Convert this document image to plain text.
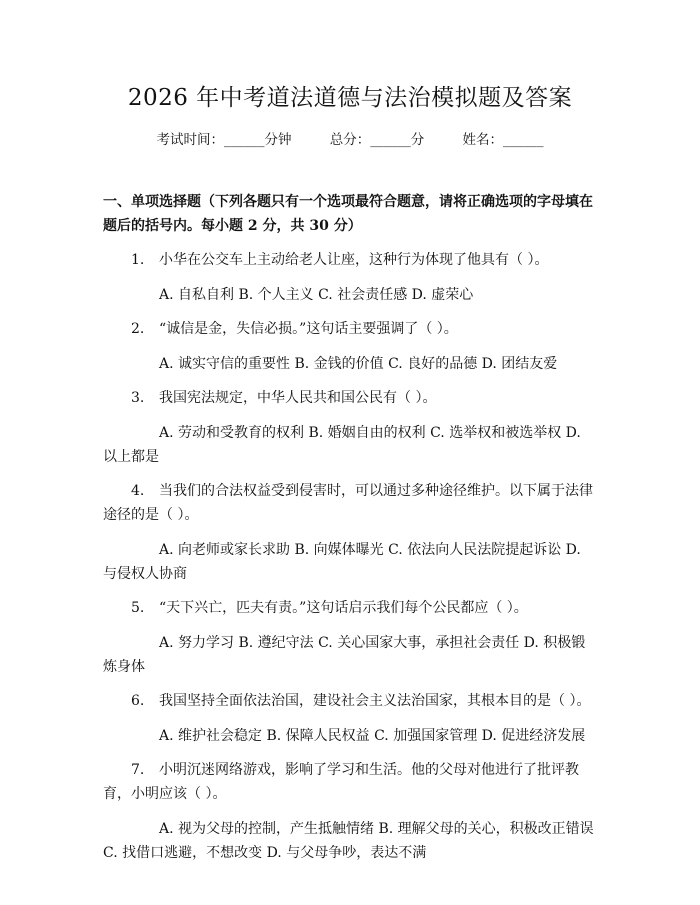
2026 年中考道法道德与法治模拟题及答案
考试时间：______分钟	总分：______分	姓名：______
一、单项选择题（下列各题只有一个选项最符合题意，请将正确选项的字母填在题后的括号内。每小题 2 分，共 30 分）
1. 小华在公交车上主动给老人让座，这种行为体现了他具有（ ）。
A. 自私自利 B. 个人主义 C. 社会责任感 D. 虚荣心
2. “诚信是金，失信必损。”这句话主要强调了（ ）。
A. 诚实守信的重要性 B. 金钱的价值 C. 良好的品德 D. 团结友爱
3. 我国宪法规定，中华人民共和国公民有（ ）。
A. 劳动和受教育的权利 B. 婚姻自由的权利 C. 选举权和被选举权 D. 以上都是
4. 当我们的合法权益受到侵害时，可以通过多种途径维护。以下属于法律途径的是（ ）。
A. 向老师或家长求助 B. 向媒体曝光 C. 依法向人民法院提起诉讼 D. 与侵权人协商
5. “天下兴亡，匹夫有责。”这句话启示我们每个公民都应（ ）。
A. 努力学习 B. 遵纪守法 C. 关心国家大事，承担社会责任 D. 积极锻炼身体
6. 我国坚持全面依法治国，建设社会主义法治国家，其根本目的是（ ）。
A. 维护社会稳定 B. 保障人民权益 C. 加强国家管理 D. 促进经济发展
7. 小明沉迷网络游戏，影响了学习和生活。他的父母对他进行了批评教育，小明应该（ ）。
A. 视为父母的控制，产生抵触情绪 B. 理解父母的关心，积极改正错误 C. 找借口逃避，不想改变 D. 与父母争吵，表达不满
